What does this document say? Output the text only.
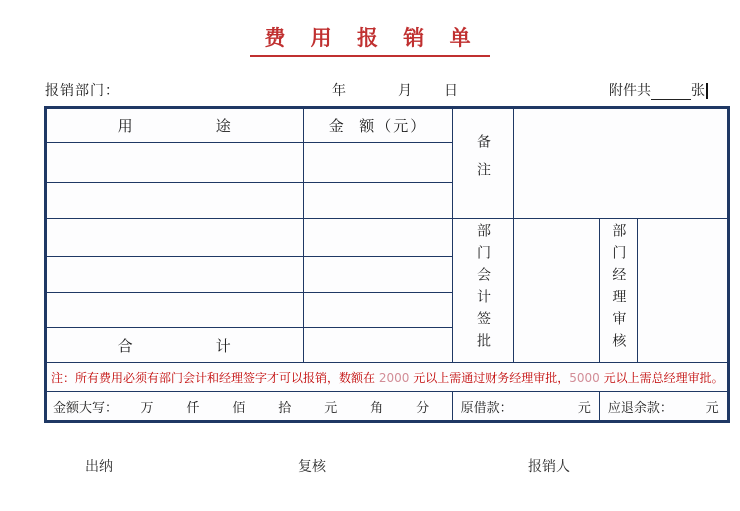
费 用 报 销 单
报销部门：	年	月 日	附件共	张
用            途	金  额（元）	备注			

		部门会计签批		部门经理审核	

合            计					
注：所有费用必须有部门会计和经理签字才可以报销，数额在 2000 元以上需通过财务经理审批，5000 元以上需总经理审批。					

金额大写： 万	仟	佰	拾	元	角	分	原借款：	元	应退余款：	元
出纳	复核	报销人
